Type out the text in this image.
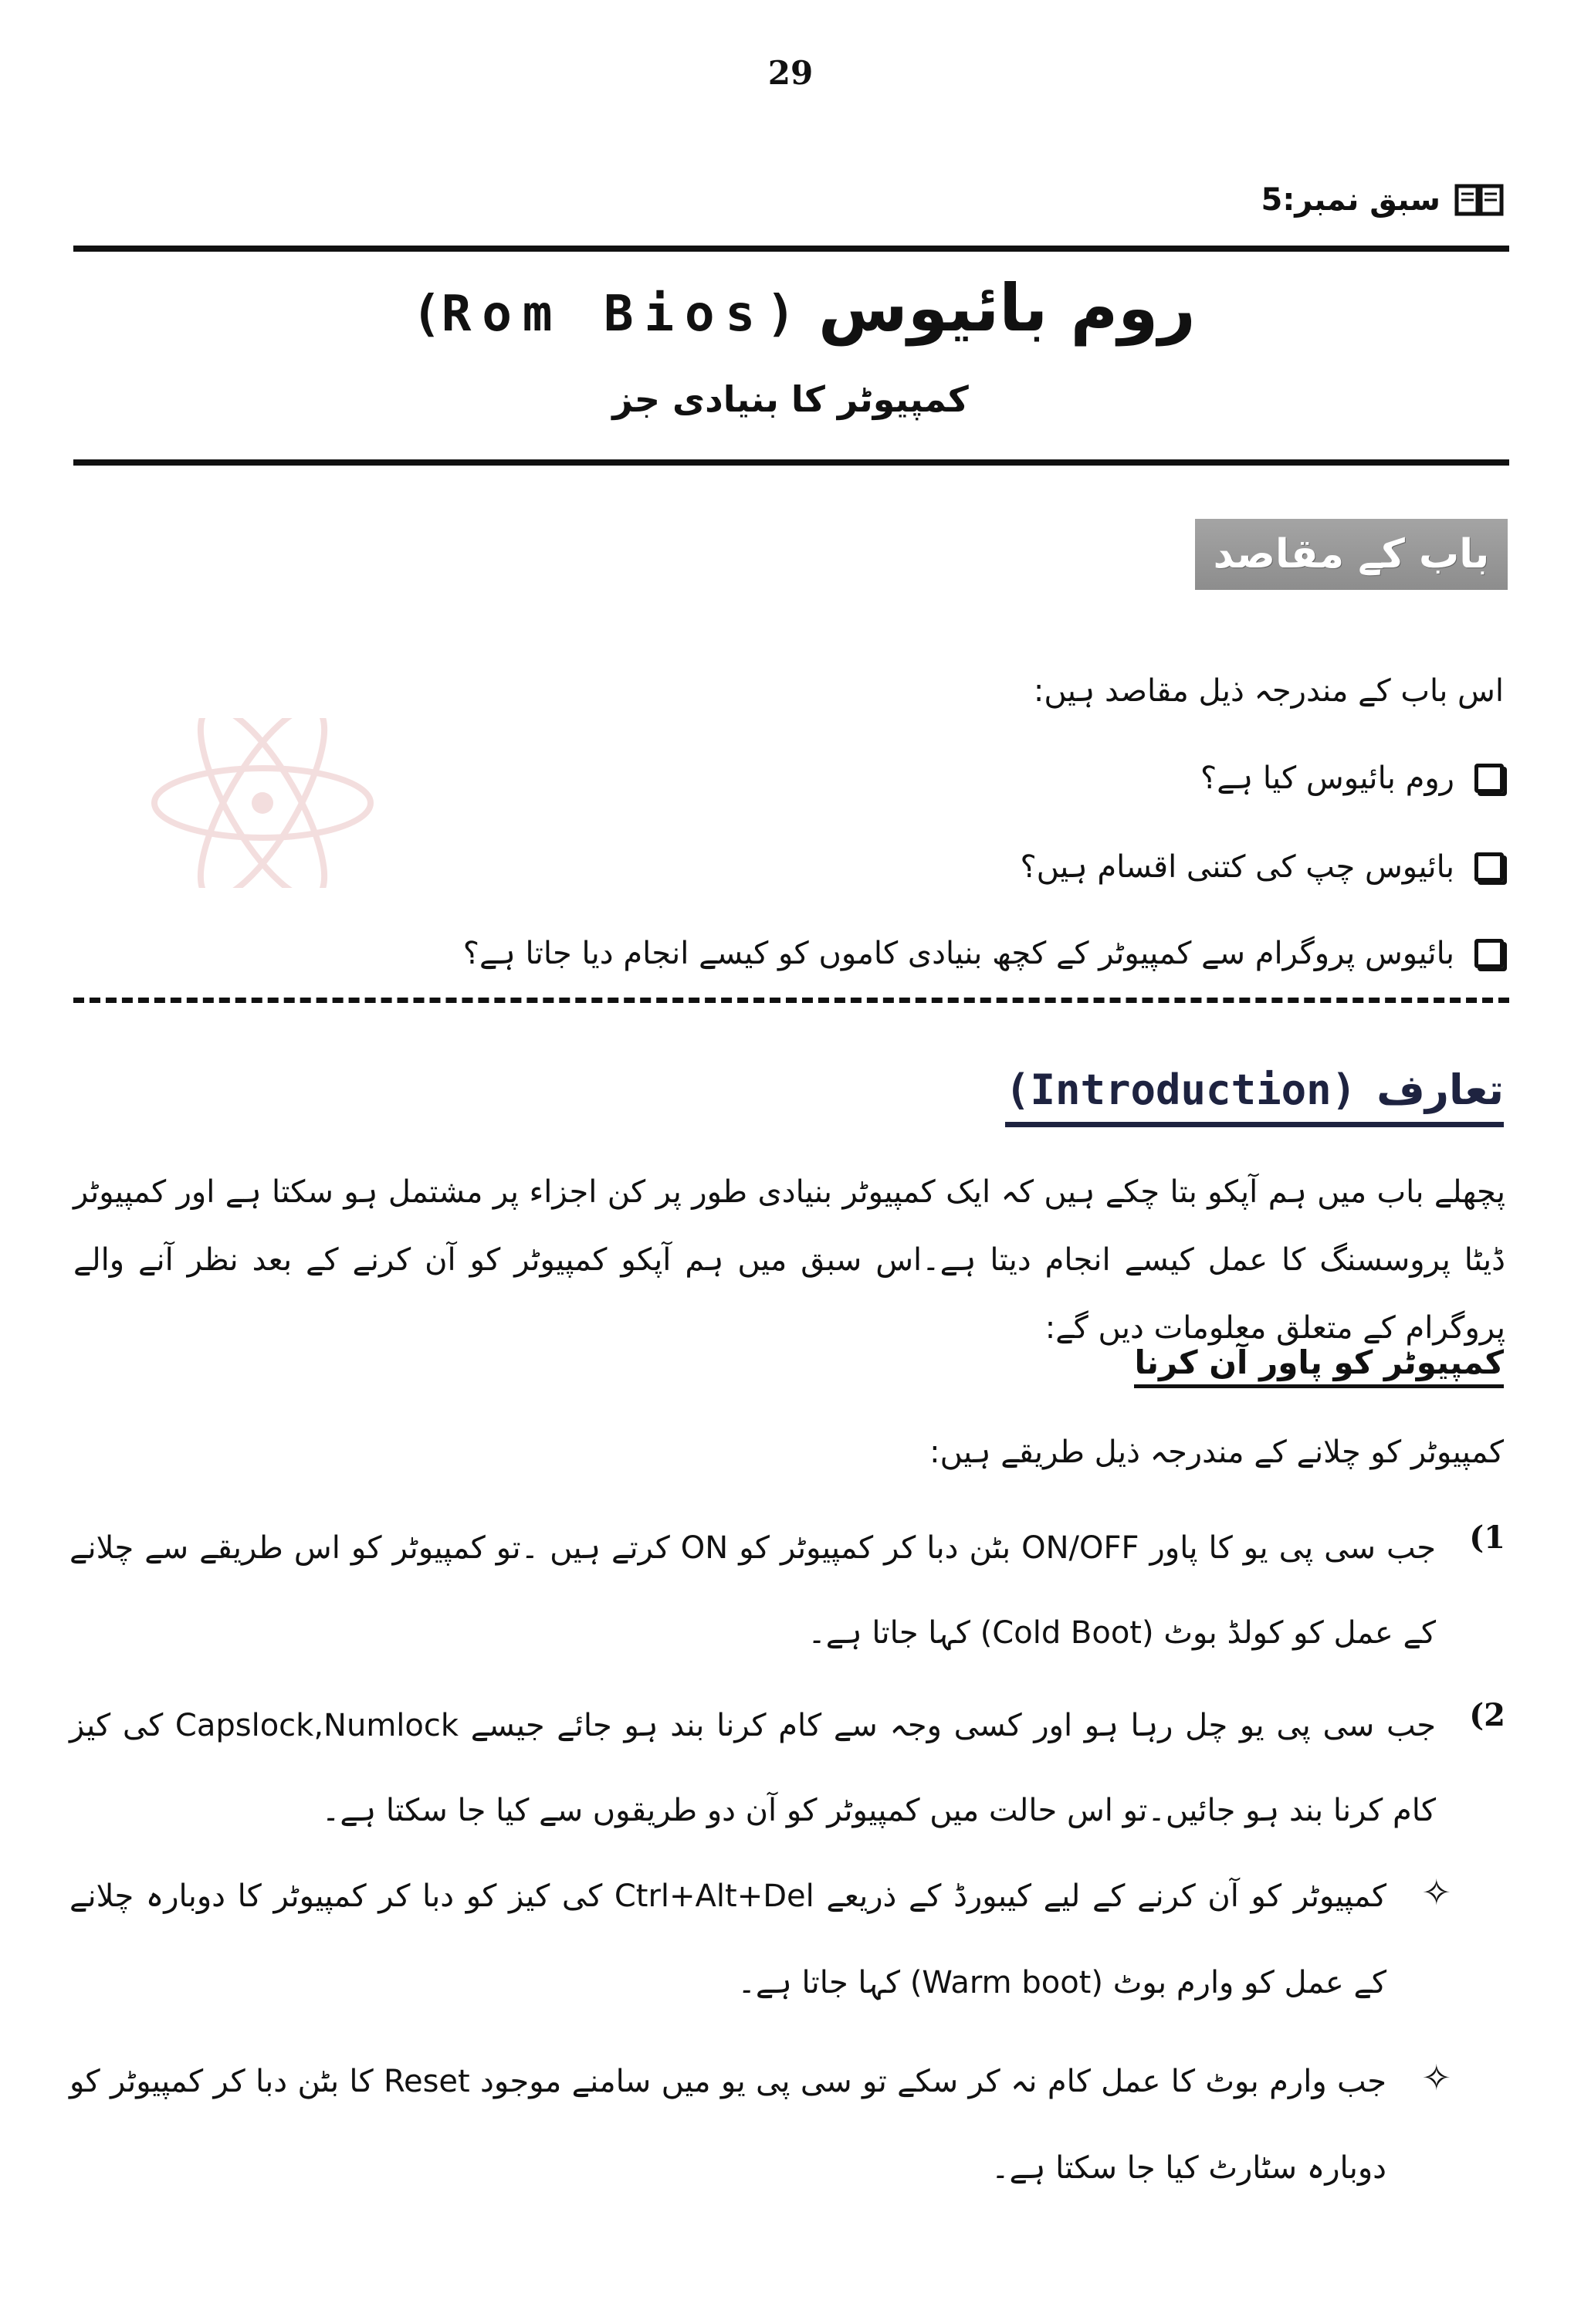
29
سبق نمبر:5
روم بائیوس (Rom Bios)
کمپیوٹر کا بنیادی جز
باب کے مقاصد
اس باب کے مندرجہ ذیل مقاصد ہیں:
روم بائیوس کیا ہے؟
بائیوس چپ کی کتنی اقسام ہیں؟
بائیوس پروگرام سے کمپیوٹر کے کچھ بنیادی کاموں کو کیسے انجام دیا جاتا ہے؟
تعارف
(Introduction)
پچھلے باب میں ہم آپکو بتا چکے ہیں کہ ایک کمپیوٹر بنیادی طور پر کن اجزاء پر مشتمل ہو سکتا ہے اور کمپیوٹر ڈیٹا پروسسنگ کا عمل کیسے انجام دیتا ہے۔اس سبق میں ہم آپکو کمپیوٹر کو آن کرنے کے بعد نظر آنے والے پروگرام کے متعلق معلومات دیں گے:
کمپیوٹر کو پاور آن کرنا
کمپیوٹر کو چلانے کے مندرجہ ذیل طریقے ہیں:
1)
جب سی پی یو کا پاور ON/OFF بٹن دبا کر کمپیوٹر کو ON کرتے ہیں ۔تو کمپیوٹر کو اس طریقے سے چلانے کے عمل کو کولڈ بوٹ (Cold Boot) کہا جاتا ہے۔
2)
جب سی پی یو چل رہا ہو اور کسی وجہ سے کام کرنا بند ہو جائے جیسے Capslock,Numlock کی کیز کام کرنا بند ہو جائیں۔تو اس حالت میں کمپیوٹر کو آن دو طریقوں سے کیا جا سکتا ہے۔
✧
کمپیوٹر کو آن کرنے کے لیے کیبورڈ کے ذریعے Ctrl+Alt+Del کی کیز کو دبا کر کمپیوٹر کا دوبارہ چلانے کے عمل کو وارم بوٹ (Warm boot) کہا جاتا ہے۔
✧
جب وارم بوٹ کا عمل کام نہ کر سکے تو سی پی یو میں سامنے موجود Reset کا بٹن دبا کر کمپیوٹر کو دوبارہ سٹارٹ کیا جا سکتا ہے۔
